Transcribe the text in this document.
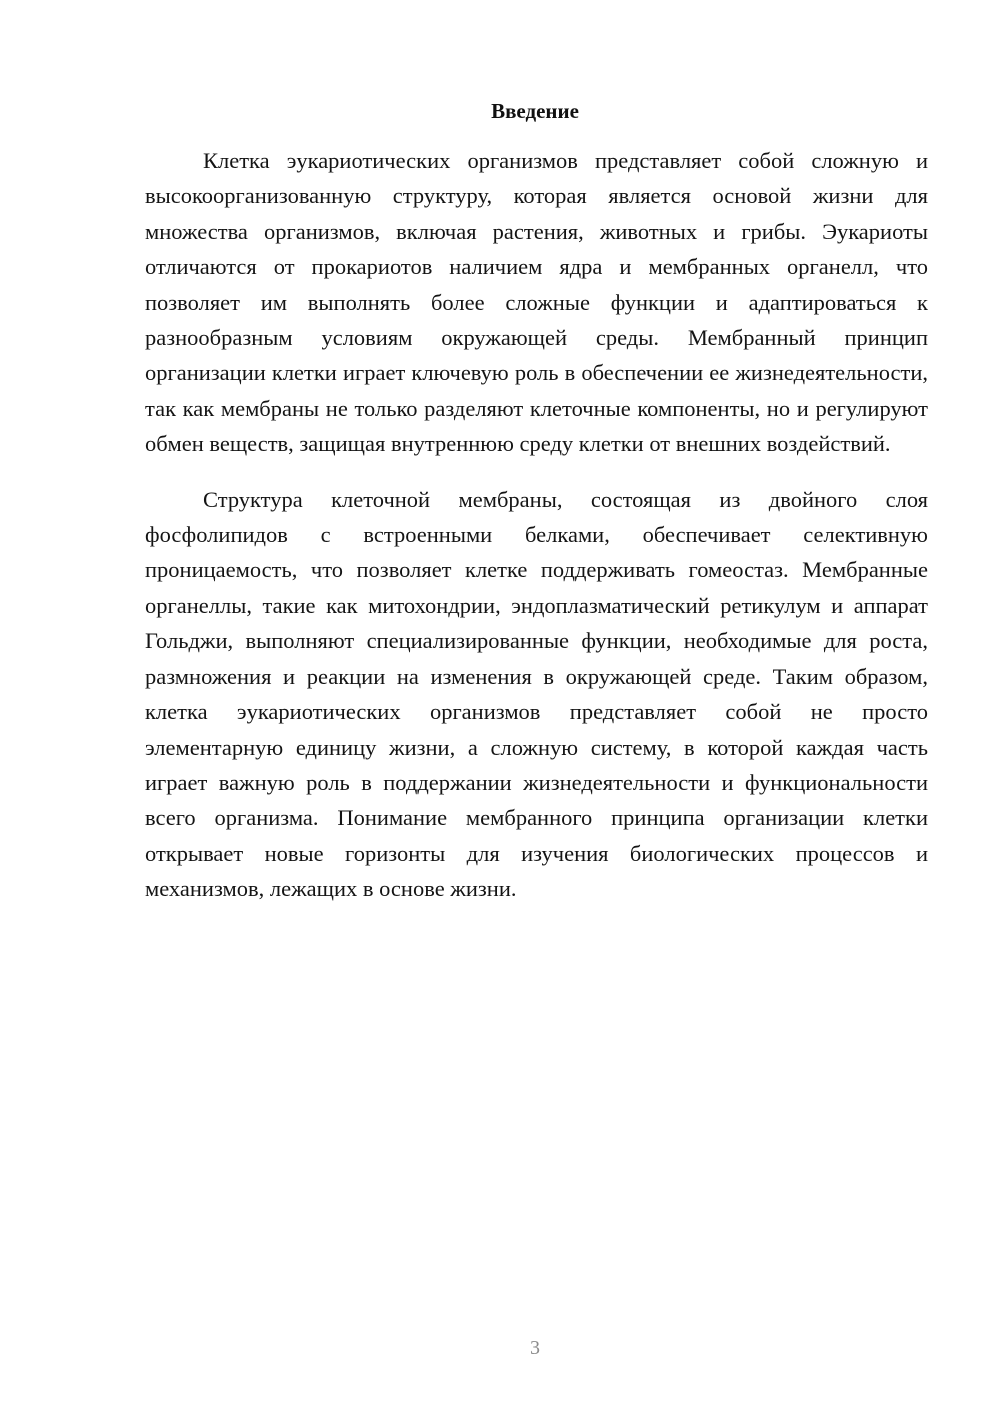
Введение

Клетка эукариотических организмов представляет собой сложную и высокоорганизованную структуру, которая является основой жизни для множества организмов, включая растения, животных и грибы. Эукариоты отличаются от прокариотов наличием ядра и мембранных органелл, что позволяет им выполнять более сложные функции и адаптироваться к разнообразным условиям окружающей среды. Мембранный принцип организации клетки играет ключевую роль в обеспечении ее жизнедеятельности, так как мембраны не только разделяют клеточные компоненты, но и регулируют обмен веществ, защищая внутреннюю среду клетки от внешних воздействий.

Структура клеточной мембраны, состоящая из двойного слоя фосфолипидов с встроенными белками, обеспечивает селективную проницаемость, что позволяет клетке поддерживать гомеостаз. Мембранные органеллы, такие как митохондрии, эндоплазматический ретикулум и аппарат Гольджи, выполняют специализированные функции, необходимые для роста, размножения и реакции на изменения в окружающей среде. Таким образом, клетка эукариотических организмов представляет собой не просто элементарную единицу жизни, а сложную систему, в которой каждая часть играет важную роль в поддержании жизнедеятельности и функциональности всего организма. Понимание мембранного принципа организации клетки открывает новые горизонты для изучения биологических процессов и механизмов, лежащих в основе жизни.

3
